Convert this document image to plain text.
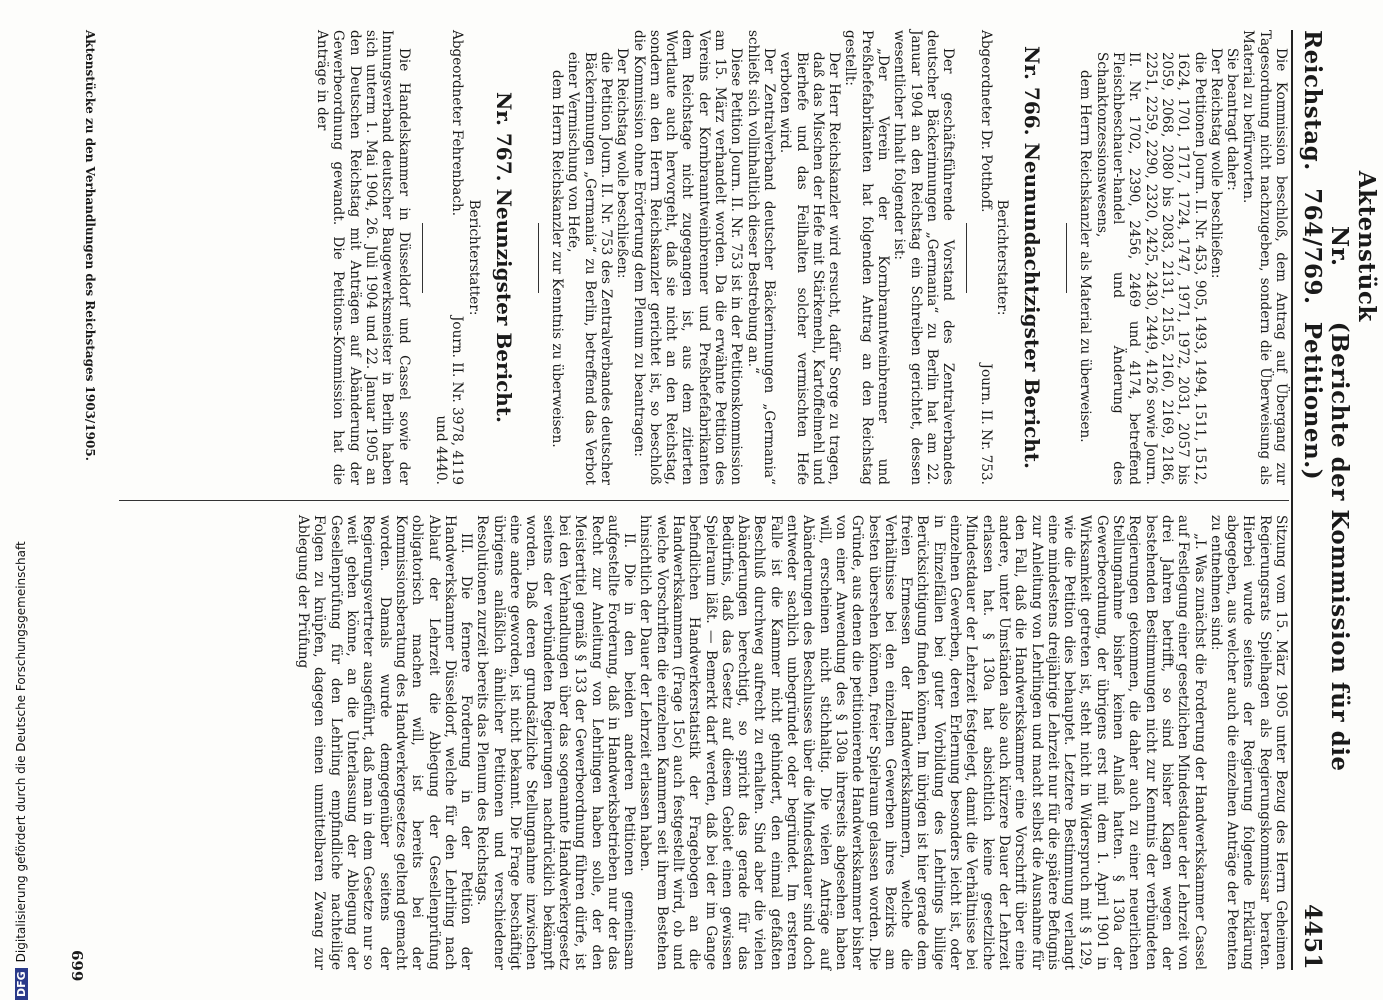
Reichstag.
Aktenstück Nr. 764/769.
(Berichte der Kommission für die Petitionen.)
4451

Die Kommission beschloß, dem Antrag auf Übergang zur Tagesordnung nicht nachzugeben, sondern die Überweisung als Material zu befürworten.

Sie beantragt daher:

Der Reichstag wolle beschließen:

die Petitionen Journ. II. Nr. 453, 905, 1493, 1494, 1511, 1512, 1624, 1701, 1717, 1724, 1747, 1971, 1972, 2031, 2057 bis 2059, 2068, 2080 bis 2083, 2131, 2155, 2160, 2169, 2186, 2251, 2259, 2290, 2320, 2425, 2430, 2449, 4126 sowie Journ. II. Nr. 1702, 2390, 2456, 2469 und 4174, betreffend Fleischbeschauer-handel und Änderung des Schanktonzessionswesens,

dem Herrn Reichskanzler als Material zu überweisen.

Nr. 766. Neunundachtzigster Bericht.
Berichterstatter:
Abgeordneter Dr. Potthoff.
Journ. II. Nr. 753.

Der geschäftsführende Vorstand des Zentralverbandes deutscher Bäckerinnungen „Germania“ zu Berlin hat am 22. Januar 1904 an den Reichstag ein Schreiben gerichtet, dessen wesentlicher Inhalt folgender ist:

„Der Verein der Kornbranntweinbrenner und Preßhefefabrikanten hat folgenden Antrag an den Reichstag gestellt:

Der Herr Reichskanzler wird ersucht, dafür Sorge zu tragen, daß das Mischen der Hefe mit Stärkemehl, Kartoffelmehl und Bierhefe und das Feilhalten solcher vermischten Hefe verboten wird.

Der Zentralverband deutscher Bäckerinnungen „Germania“ schließt sich vollinhaltlich dieser Bestrebung an.“

Diese Petition Journ. II. Nr. 753 ist in der Petitionskommission am 15. März verhandelt worden. Da die erwähnte Petition des Vereins der Kornbranntweinbrenner und Preßhefefabrikanten dem Reichstage nicht zugegangen ist, aus dem zitierten Wortlaute auch hervorgeht, daß sie nicht an den Reichstag, sondern an den Herrn Reichskanzler gerichtet ist, so beschloß die Kommission ohne Erörterung dem Plenum zu beantragen:

Der Reichstag wolle beschließen:

die Petition Journ. II. Nr. 753 des Zentralverbandes deutscher Bäckerinnungen „Germania“ zu Berlin, betreffend das Verbot einer Vermischung von Hefe,

dem Herrn Reichskanzler zur Kenntnis zu überweisen.

Nr. 767. Neunzigster Bericht.
Berichterstatter:
Abgeordneter Fehrenbach.
Journ. II. Nr. 3978, 4119 und 4440.

Die Handelskammer in Düsseldorf und Cassel sowie der Innungsverband deutscher Baugewerksmeister in Berlin haben sich unterm 1. Mai 1904, 26. Juli 1904 und 22. Januar 1905 an den Deutschen Reichstag mit Anträgen auf Abänderung der Gewerbeordnung gewandt. Die Petitions-Kommission hat die Anträge in der

Sitzung vom 15. März 1905 unter Bezug des Herrn Geheimen Regierungsrats Spielhagen als Regierungskommissar beraten. Hierbei wurde seitens der Regierung folgende Erklärung abgegeben, aus welcher auch die einzelnen Anträge der Petenten zu entnehmen sind:

„I. Was zunächst die Forderung der Handwerkskammer Cassel auf Festlegung einer gesetzlichen Mindestdauer der Lehrzeit von drei Jahren betrifft, so sind bisher Klagen wegen der bestehenden Bestimmungen nicht zur Kenntnis der verbündeten Regierungen gekommen, die daher auch zu einer neuerlichen Stellungnahme bisher keinen Anlaß hatten. § 130a der Gewerbeordnung, der übrigens erst mit dem 1. April 1901 in Wirksamkeit getreten ist, steht nicht in Widerspruch mit § 129, wie die Petition dies behauptet. Letztere Bestimmung verlangt eine mindestens dreijährige Lehrzeit nur für die spätere Befugnis zur Anleitung von Lehrlingen und macht selbst die Ausnahme für den Fall, daß die Handwerkskammer eine Vorschrift über eine andere, unter Umständen also auch kürzere Dauer der Lehrzeit erlassen hat. § 130a hat absichtlich keine gesetzliche Mindestdauer der Lehrzeit festgelegt, damit die Verhältnisse bei einzelnen Gewerben, deren Erlernung besonders leicht ist, oder in Einzelfällen bei guter Vorbildung des Lehrlings billige Berücksichtigung finden können. Im übrigen ist hier gerade dem freien Ermessen der Handwerkskammern, welche die Verhältnisse bei den einzelnen Gewerben ihres Bezirks am besten übersehen können, freier Spielraum gelassen worden. Die Gründe, aus denen die petitionierende Handwerkskammer bisher von einer Anwendung des § 130a ihrerseits abgesehen haben will, erscheinen nicht stichhaltig. Die vielen Anträge auf Abänderungen des Beschlusses über die Mindestdauer sind doch entweder sachlich unbegründet oder begründet. Im ersteren Falle ist die Kammer nicht gehindert, den einmal gefaßten Beschluß durchweg aufrecht zu erhalten. Sind aber die vielen Abänderungen berechtigt, so spricht das gerade für das Bedürfnis, daß das Gesetz auf diesem Gebiet einen gewissen Spielraum läßt. — Bemerkt darf werden, daß bei der im Gange befindlichen Handwerkerstatistik der Fragebogen an die Handwerkskammern (Frage 15c) auch festgestellt wird, ob und welche Vorschriften die einzelnen Kammern seit ihrem Bestehen hinsichtlich der Dauer der Lehrzeit erlassen haben.

II. Die in den beiden anderen Petitionen gemeinsam aufgestellte Forderung, daß in Handwerksbetrieben nur der das Recht zur Anleitung von Lehrlingen haben solle, der den Meistertitel gemäß § 133 der Gewerbeordnung führen dürfe, ist bei den Verhandlungen über das sogenannte Handwerkergesetz seitens der verbündeten Regierungen nachdrücklich bekämpft worden. Daß deren grundsätzliche Stellungnahme inzwischen eine andere geworden, ist nicht bekannt. Die Frage beschäftigt übrigens anläßlich ähnlicher Petitionen und verschiedener Resolutionen zurzeit bereits das Plenum des Reichstags.

III. Die fernere Forderung in der Petition der Handwerkskammer Düsseldorf, welche für den Lehrling nach Ablauf der Lehrzeit die Ablegung der Gesellenprüfung obligatorisch machen will, ist bereits bei der Kommissionsberatung des Handwerkergesetzes geltend gemacht worden. Damals wurde demgegenüber seitens der Regierungsvertreter ausgeführt, daß man in dem Gesetze nur so weit gehen könne, an die Unterlassung der Ablegung der Gesellenprüfung für den Lehrling empfindliche nachteilige Folgen zu knüpfen, dagegen einen unmittelbaren Zwang zur Ablegung der Prüfung

Aktenstücke zu den Verhandlungen des Reichstages 1903/1905.
669
DFGDigitalisierung gefördert durch die Deutsche Forschungsgemeinschaft
